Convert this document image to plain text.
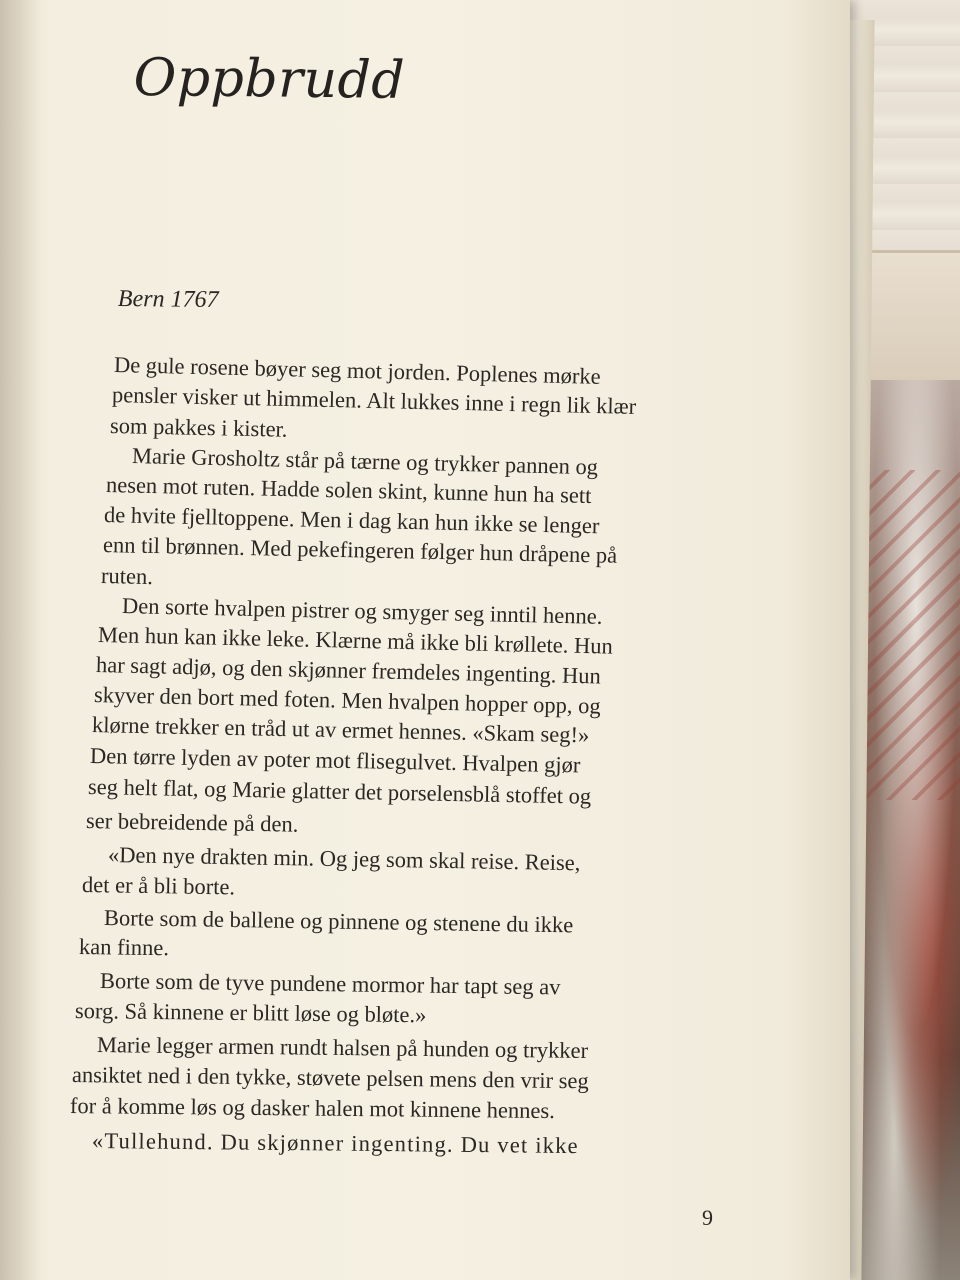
Oppbrudd
Bern 1767
De gule rosene bøyer seg mot jorden. Poplenes mørke
pensler visker ut himmelen. Alt lukkes inne i regn lik klær
som pakkes i kister.
Marie Grosholtz står på tærne og trykker pannen og
nesen mot ruten. Hadde solen skint, kunne hun ha sett
de hvite fjelltoppene. Men i dag kan hun ikke se lenger
enn til brønnen. Med pekefingeren følger hun dråpene på
ruten.
Den sorte hvalpen pistrer og smyger seg inntil henne.
Men hun kan ikke leke. Klærne må ikke bli krøllete. Hun
har sagt adjø, og den skjønner fremdeles ingenting. Hun
skyver den bort med foten. Men hvalpen hopper opp, og
klørne trekker en tråd ut av ermet hennes. «Skam seg!»
Den tørre lyden av poter mot flisegulvet. Hvalpen gjør
seg helt flat, og Marie glatter det porselensblå stoffet og
ser bebreidende på den.
«Den nye drakten min. Og jeg som skal reise. Reise,
det er å bli borte.
Borte som de ballene og pinnene og stenene du ikke
kan finne.
Borte som de tyve pundene mormor har tapt seg av
sorg. Så kinnene er blitt løse og bløte.»
Marie legger armen rundt halsen på hunden og trykker
ansiktet ned i den tykke, støvete pelsen mens den vrir seg
for å komme løs og dasker halen mot kinnene hennes.
«Tullehund. Du skjønner ingenting. Du vet ikke
9
